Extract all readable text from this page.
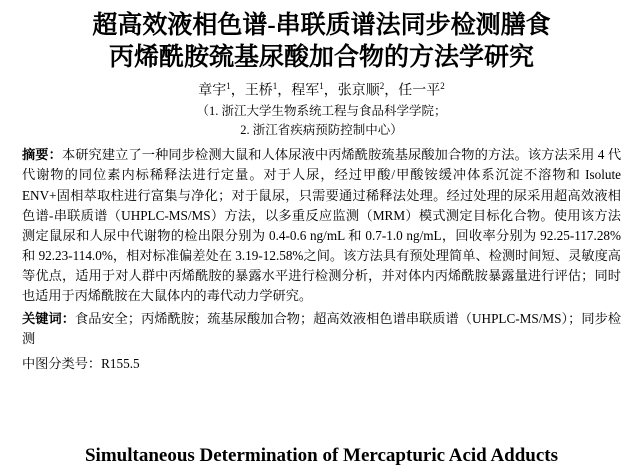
超高效液相色谱-串联质谱法同步检测膳食
丙烯酰胺巯基尿酸加合物的方法学研究
章宇$^1$，王桥$^1$，程军$^1$，张京顺$^2$，任一平$^2$
（1. 浙江大学生物系统工程与食品科学学院；
2. 浙江省疾病预防控制中心）
摘要：本研究建立了一种同步检测大鼠和人体尿液中丙烯酰胺巯基尿酸加合物的方法。该方法采用 4 代代谢物的同位素内标稀释法进行定量。对于人尿，经过甲酸/甲酸铵缓冲体系沉淀不溶物和 Isolute ENV+固相萃取柱进行富集与净化；对于鼠尿，只需要通过稀释法处理。经过处理的尿采用超高效液相色谱-串联质谱（UHPLC-MS/MS）方法，以多重反应监测（MRM）模式测定目标化合物。使用该方法测定鼠尿和人尿中代谢物的检出限分别为 0.4-0.6 ng/mL 和 0.7-1.0 ng/mL，回收率分别为 92.25-117.28%和 92.23-114.0%，相对标准偏差处在 3.19-12.58%之间。该方法具有预处理简单、检测时间短、灵敏度高等优点，适用于对人群中丙烯酰胺的暴露水平进行检测分析，并对体内丙烯酰胺暴露量进行评估；同时也适用于丙烯酰胺在大鼠体内的毒代动力学研究。
关键词：食品安全；丙烯酰胺；巯基尿酸加合物；超高效液相色谱串联质谱（UHPLC-MS/MS）；同步检测
中图分类号：R155.5
Simultaneous Determination of Mercapturic Acid Adducts
